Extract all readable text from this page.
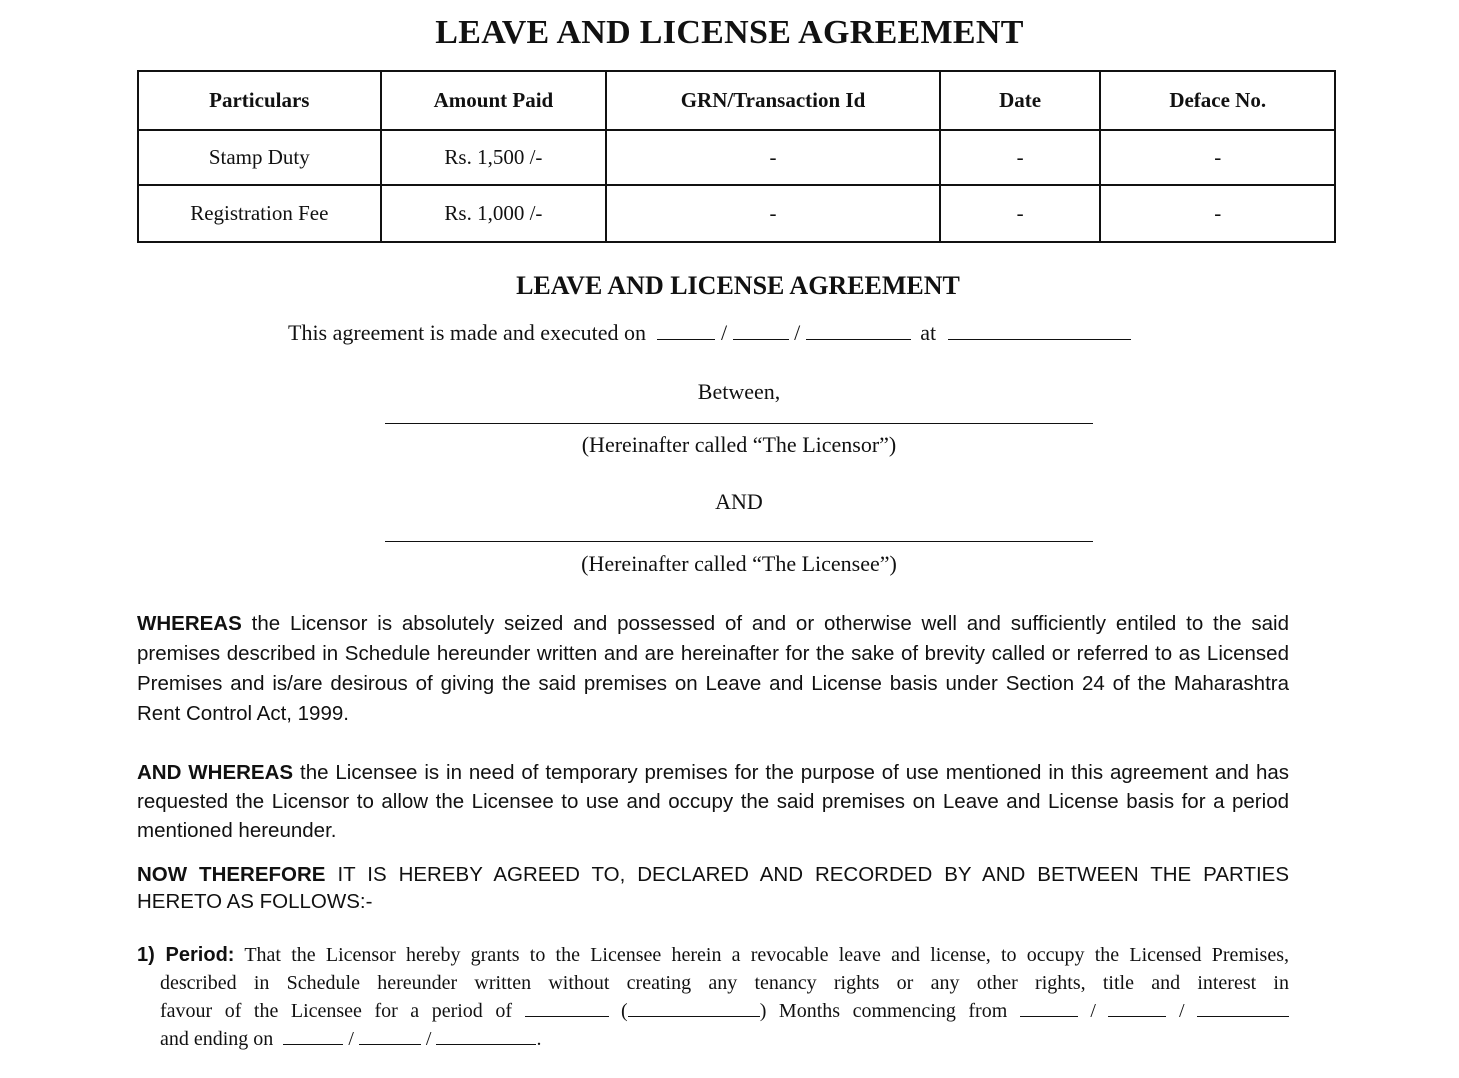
LEAVE AND LICENSE AGREEMENT
Particulars	Amount Paid	GRN/Transaction Id	Date	Deface No.
Stamp Duty	Rs. 1,500 /-	-	-	-
Registration Fee	Rs. 1,000 /-	-	-	-
LEAVE AND LICENSE AGREEMENT
This agreement is made and executed on	/	/	at

Between,

(Hereinafter called “The Licensor”)

AND

(Hereinafter called “The Licensee”)

WHEREAS the Licensor is absolutely seized and possessed of and or otherwise well and sufficiently entiled to the said premises described in Schedule hereunder written and are hereinafter for the sake of brevity called or referred to as Licensed Premises and is/are desirous of giving the said premises on Leave and License basis under Section 24 of the Maharashtra Rent Control Act, 1999.

AND WHEREAS the Licensee is in need of temporary premises for the purpose of use mentioned in this agreement and has requested the Licensor to allow the Licensee to use and occupy the said premises on Leave and License basis for a period mentioned hereunder.

NOW THEREFORE IT IS HEREBY AGREED TO, DECLARED AND RECORDED BY AND BETWEEN THE PARTIES HERETO AS FOLLOWS:-

1) Period: That the Licensor hereby grants to the Licensee herein a revocable leave and license, to occupy the Licensed Premises,
described in Schedule hereunder written without creating any tenancy rights or any other rights, title and interest in
favour of the Licensee for a period of	(	) Months commencing from	/	/
and ending on	/	/	.
